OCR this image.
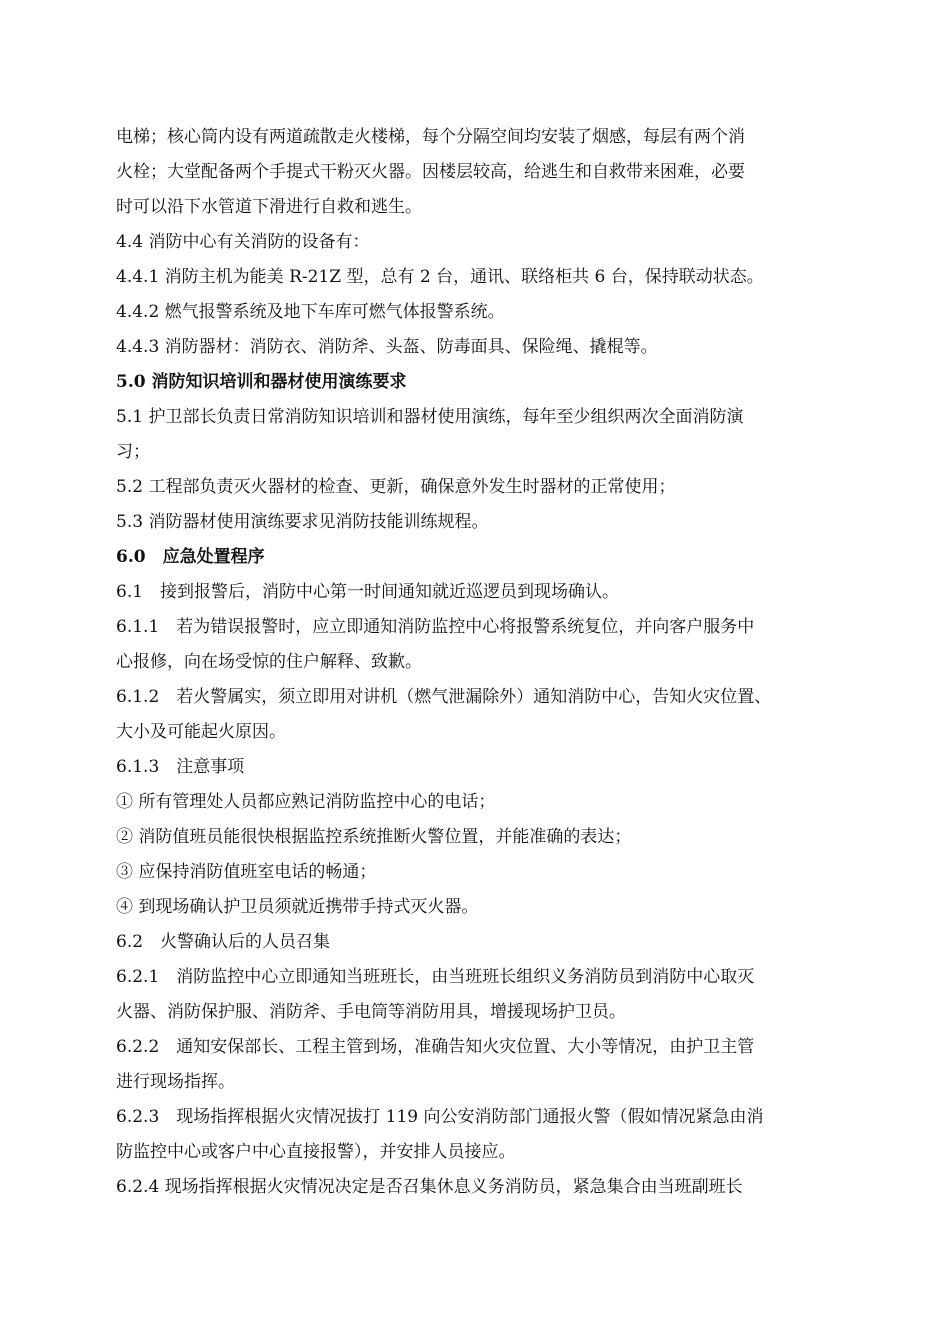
电梯；核心筒内设有两道疏散走火楼梯，每个分隔空间均安装了烟感，每层有两个消
火栓；大堂配备两个手提式干粉灭火器。因楼层较高，给逃生和自救带来困难，必要
时可以沿下水管道下滑进行自救和逃生。
4.4 消防中心有关消防的设备有：
4.4.1 消防主机为能美 R-21Z 型，总有 2 台，通讯、联络柜共 6 台，保持联动状态。
4.4.2 燃气报警系统及地下车库可燃气体报警系统。
4.4.3 消防器材：消防衣、消防斧、头盔、防毒面具、保险绳、撬棍等。
5.0 消防知识培训和器材使用演练要求
5.1 护卫部长负责日常消防知识培训和器材使用演练，每年至少组织两次全面消防演
习；
5.2 工程部负责灭火器材的检查、更新，确保意外发生时器材的正常使用；
5.3 消防器材使用演练要求见消防技能训练规程。
6.0　应急处置程序
6.1　接到报警后，消防中心第一时间通知就近巡逻员到现场确认。
6.1.1　若为错误报警时，应立即通知消防监控中心将报警系统复位，并向客户服务中
心报修，向在场受惊的住户解释、致歉。
6.1.2　若火警属实，须立即用对讲机（燃气泄漏除外）通知消防中心，告知火灾位置、
大小及可能起火原因。
6.1.3　注意事项
① 所有管理处人员都应熟记消防监控中心的电话；
② 消防值班员能很快根据监控系统推断火警位置，并能准确的表达；
③ 应保持消防值班室电话的畅通；
④ 到现场确认护卫员须就近携带手持式灭火器。
6.2　火警确认后的人员召集
6.2.1　消防监控中心立即通知当班班长，由当班班长组织义务消防员到消防中心取灭
火器、消防保护服、消防斧、手电筒等消防用具，增援现场护卫员。
6.2.2　通知安保部长、工程主管到场，准确告知火灾位置、大小等情况，由护卫主管
进行现场指挥。
6.2.3　现场指挥根据火灾情况拔打 119 向公安消防部门通报火警（假如情况紧急由消
防监控中心或客户中心直接报警），并安排人员接应。
6.2.4 现场指挥根据火灾情况决定是否召集休息义务消防员，紧急集合由当班副班长
